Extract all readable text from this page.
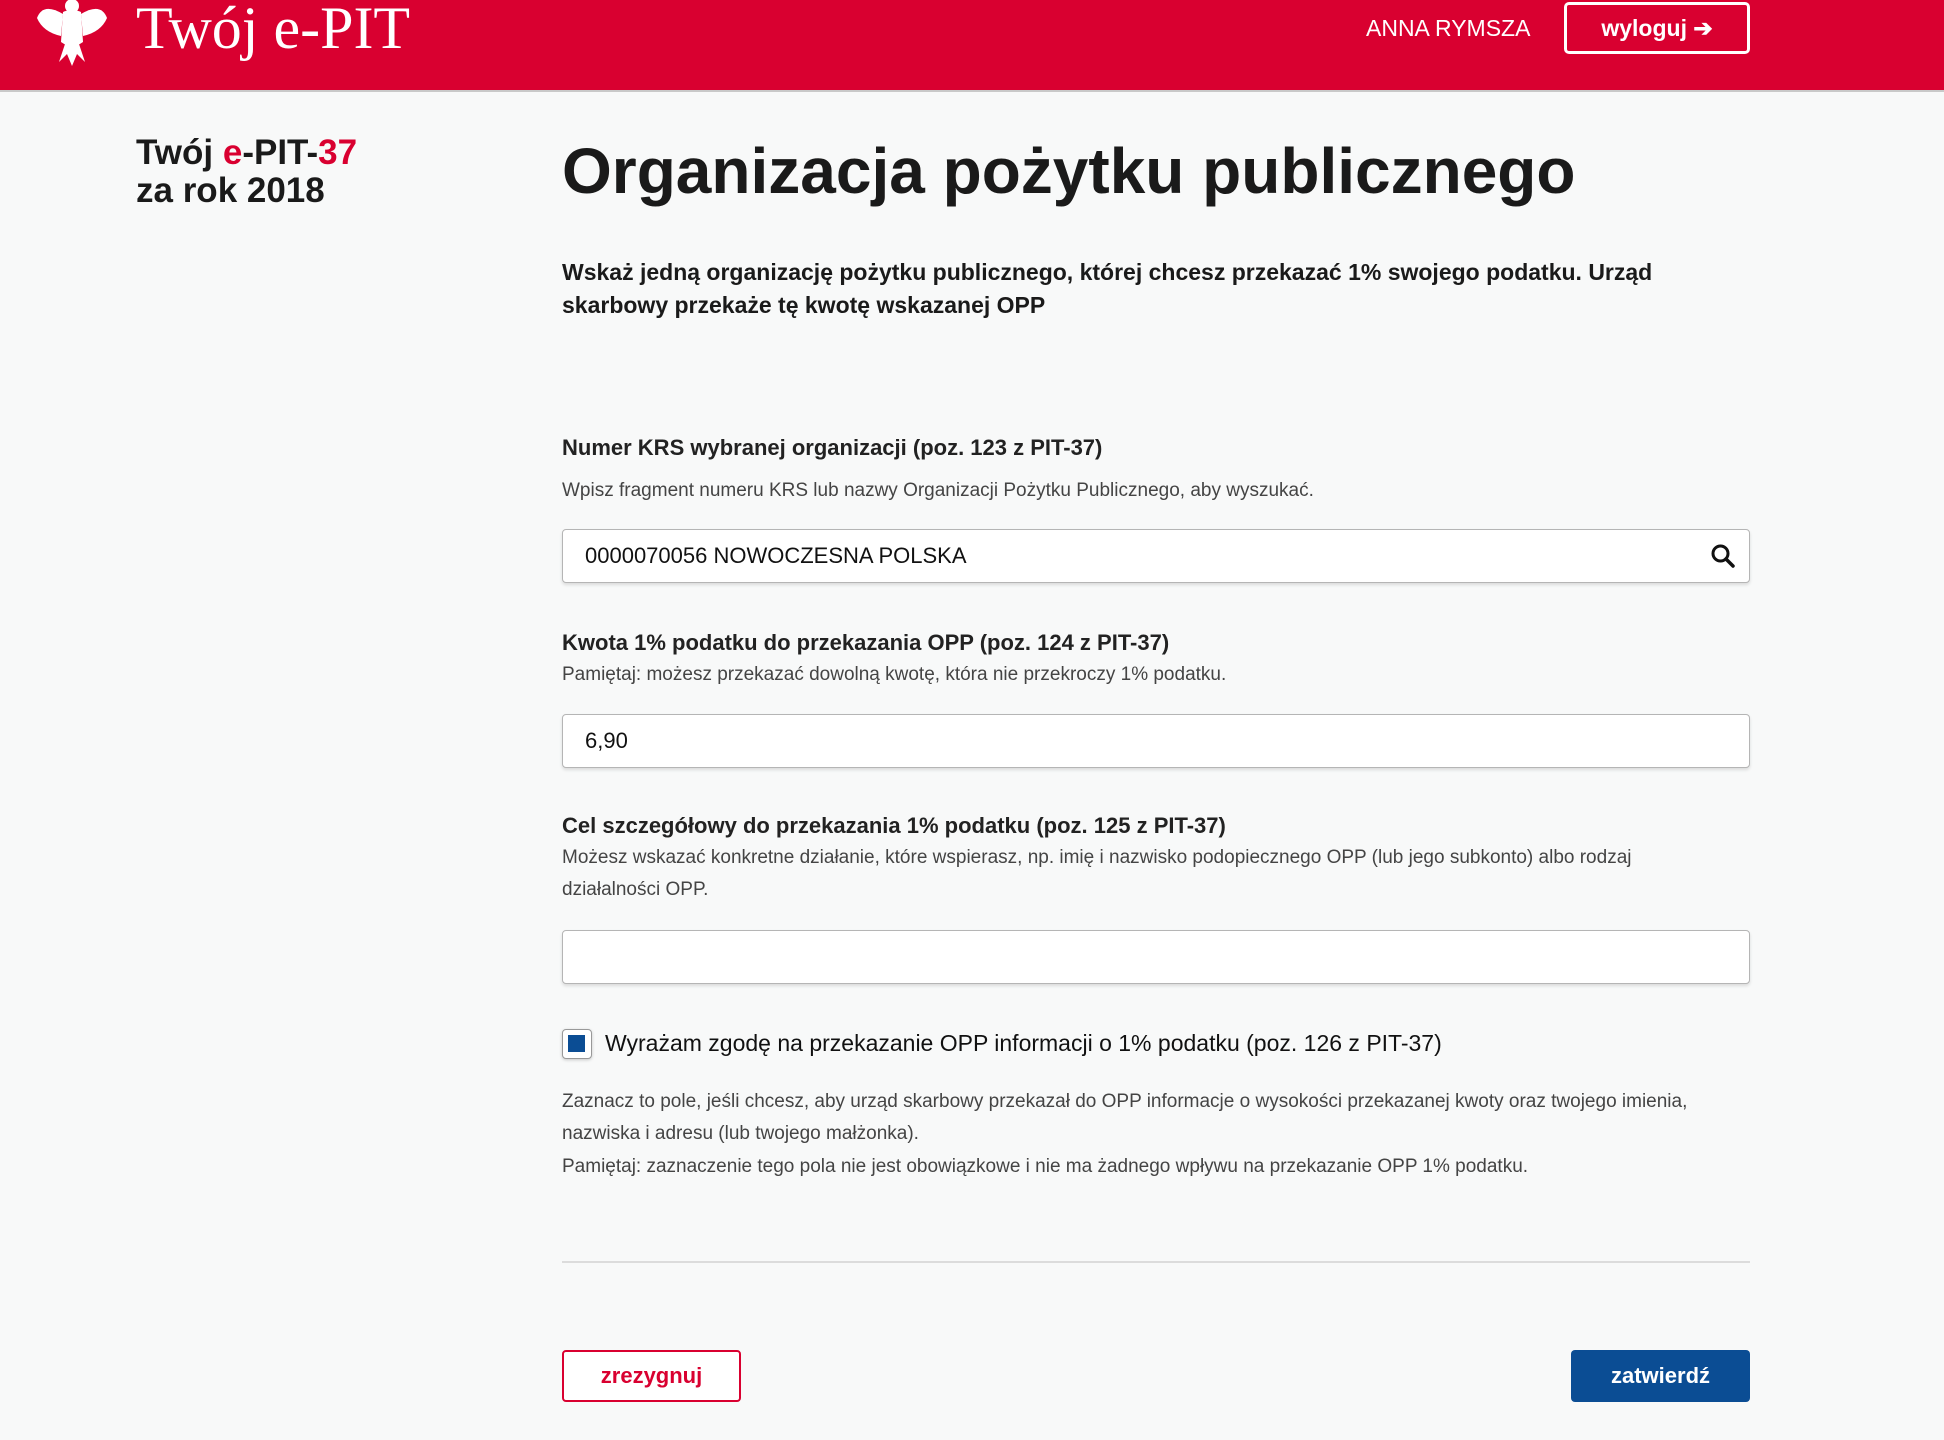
Twój e-PIT	ANNA RYMSZA	wyloguj ➔
Twój e-PIT-37
za rok 2018	Organizacja pożytku publicznego
Wskaż jedną organizację pożytku publicznego, której chcesz przekazać 1% swojego podatku. Urząd skarbowy przekaże tę kwotę wskazanej OPP
Numer KRS wybranej organizacji (poz. 123 z PIT-37)
Wpisz fragment numeru KRS lub nazwy Organizacji Pożytku Publicznego, aby wyszukać.
0000070056 NOWOCZESNA POLSKA
Kwota 1% podatku do przekazania OPP (poz. 124 z PIT-37)
Pamiętaj: możesz przekazać dowolną kwotę, która nie przekroczy 1% podatku.
6,90
Cel szczegółowy do przekazania 1% podatku (poz. 125 z PIT-37)
Możesz wskazać konkretne działanie, które wspierasz, np. imię i nazwisko podopiecznego OPP (lub jego subkonto) albo rodzaj działalności OPP.
Wyrażam zgodę na przekazanie OPP informacji o 1% podatku (poz. 126 z PIT-37)
Zaznacz to pole, jeśli chcesz, aby urząd skarbowy przekazał do OPP informacje o wysokości przekazanej kwoty oraz twojego imienia, nazwiska i adresu (lub twojego małżonka).
Pamiętaj: zaznaczenie tego pola nie jest obowiązkowe i nie ma żadnego wpływu na przekazanie OPP 1% podatku.
zrezygnuj	zatwierdź
